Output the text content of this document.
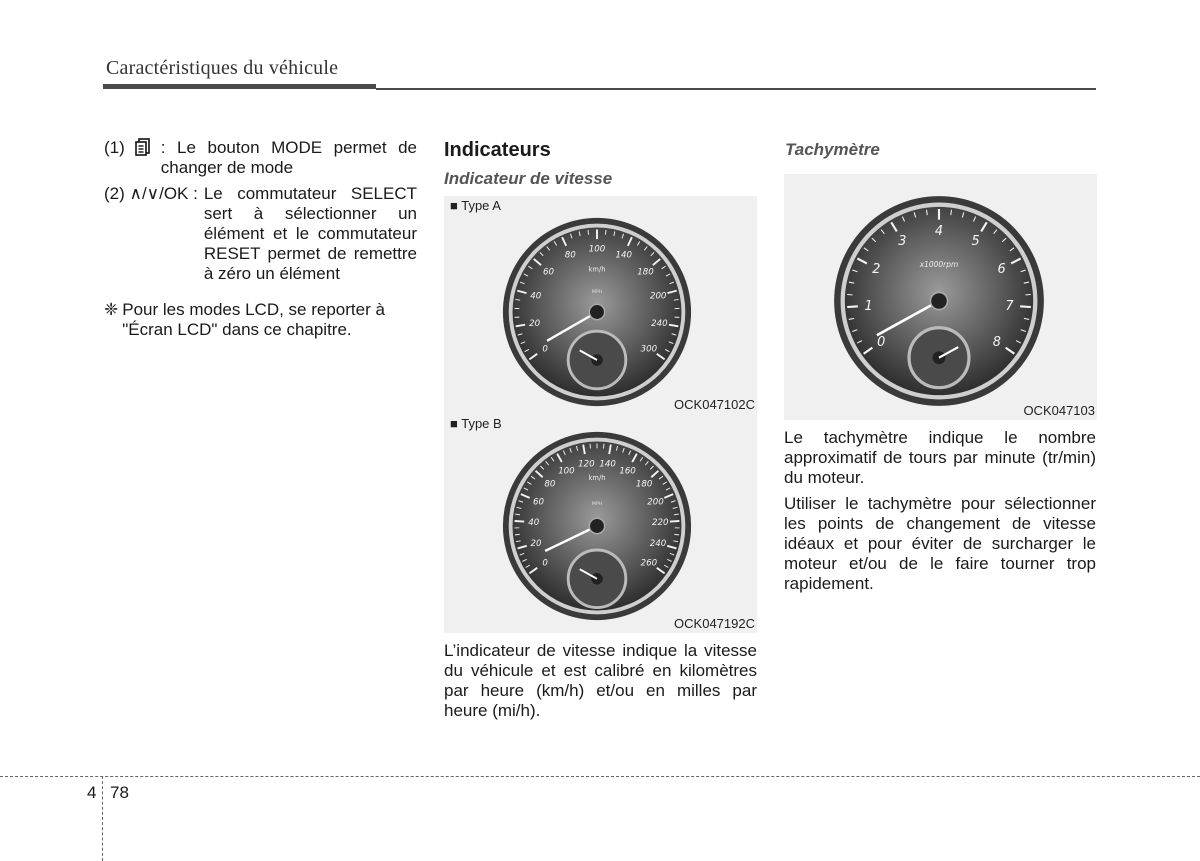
Caractéristiques du véhicule
(1) : Le bouton MODE permet de changer de mode
(2) ∧/∨/OK : Le commutateur SELECT sert à sélectionner un élément et le commutateur RESET permet de remettre à zéro un élément
❈ Pour les modes LCD, se reporter à "Écran LCD" dans ce chapitre.
Indicateurs
Indicateur de vitesse
■ Type A
0
20
40
60
80
100
140
180
200
240
300
km/h
MPH
OCK047102C
■ Type B
0
20
40
60
80
100
120 140
160
180
200
220
240
260
km/h
MPH
OCK047192C
L’indicateur de vitesse indique la vitesse du véhicule et est calibré en kilomètres par heure (km/h) et/ou en milles par heure (mi/h).
Tachymètre
0
1
2
3
4
5
6
7
8
x1000rpm
OCK047103
Le tachymètre indique le nombre approximatif de tours par minute (tr/min) du moteur.
Utiliser le tachymètre pour sélectionner les points de changement de vitesse idéaux et pour éviter de surcharger le moteur et/ou de le faire tourner trop rapidement.
4 78
